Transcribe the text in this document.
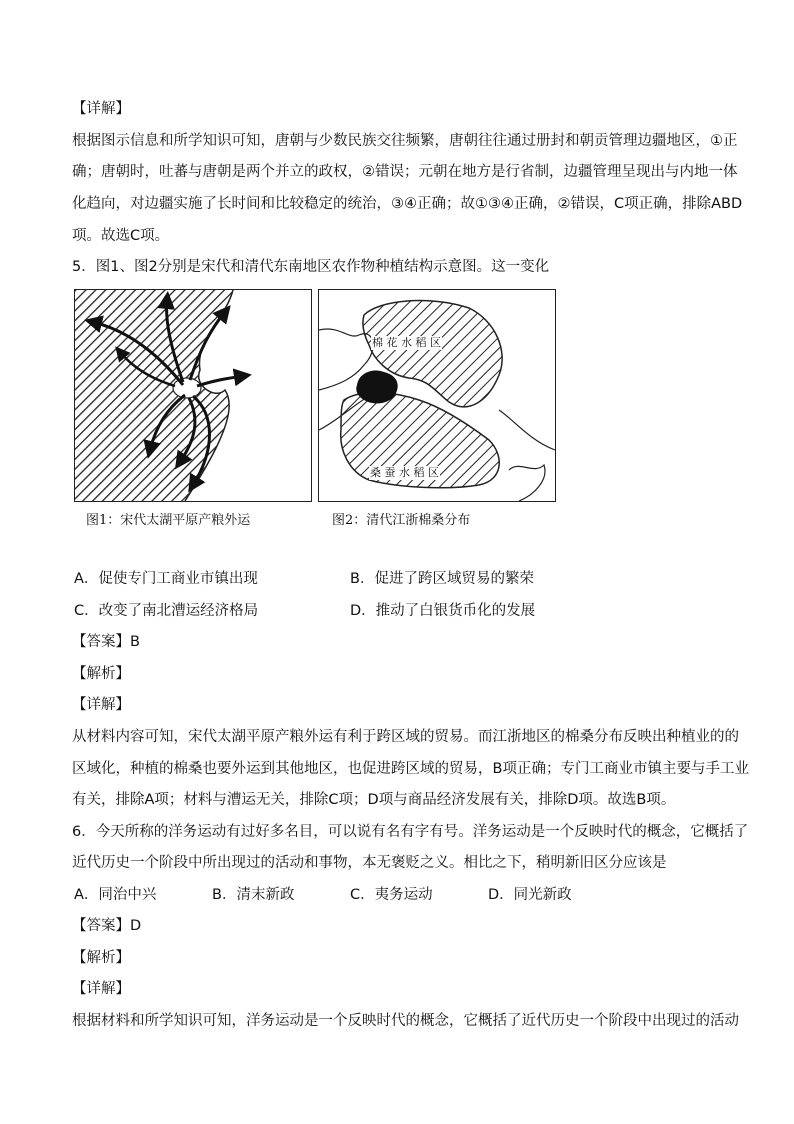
【详解】

根据图示信息和所学知识可知，唐朝与少数民族交往频繁，唐朝往往通过册封和朝贡管理边疆地区，①正

确；唐朝时，吐蕃与唐朝是两个并立的政权，②错误；元朝在地方是行省制，边疆管理呈现出与内地一体

化趋向，对边疆实施了长时间和比较稳定的统治，③④正确；故①③④正确，②错误，C项正确，排除ABD

项。故选C项。

5．图1、图2分别是宋代和清代东南地区农作物种植结构示意图。这一变化

图1：宋代太湖平原产粮外运
棉 花 水 稻 区
桑 蚕 水 稻 区
图2：清代江浙棉桑分布
A．促使专门工商业市镇出现	B．促进了跨区域贸易的繁荣
C．改变了南北漕运经济格局	D．推动了白银货币化的发展

【答案】B

【解析】

【详解】

从材料内容可知，宋代太湖平原产粮外运有利于跨区域的贸易。而江浙地区的棉桑分布反映出种植业的的

区域化，种植的棉桑也要外运到其他地区，也促进跨区域的贸易，B项正确；专门工商业市镇主要与手工业

有关，排除A项；材料与漕运无关，排除C项；D项与商品经济发展有关，排除D项。故选B项。

6．今天所称的洋务运动有过好多名目，可以说有名有字有号。洋务运动是一个反映时代的概念，它概括了

近代历史一个阶段中所出现过的活动和事物，本无褒贬之义。相比之下，稍明新旧区分应该是

A．同治中兴	B．清末新政	C．夷务运动	D．同光新政

【答案】D

【解析】

【详解】

根据材料和所学知识可知，洋务运动是一个反映时代的概念，它概括了近代历史一个阶段中出现过的活动
